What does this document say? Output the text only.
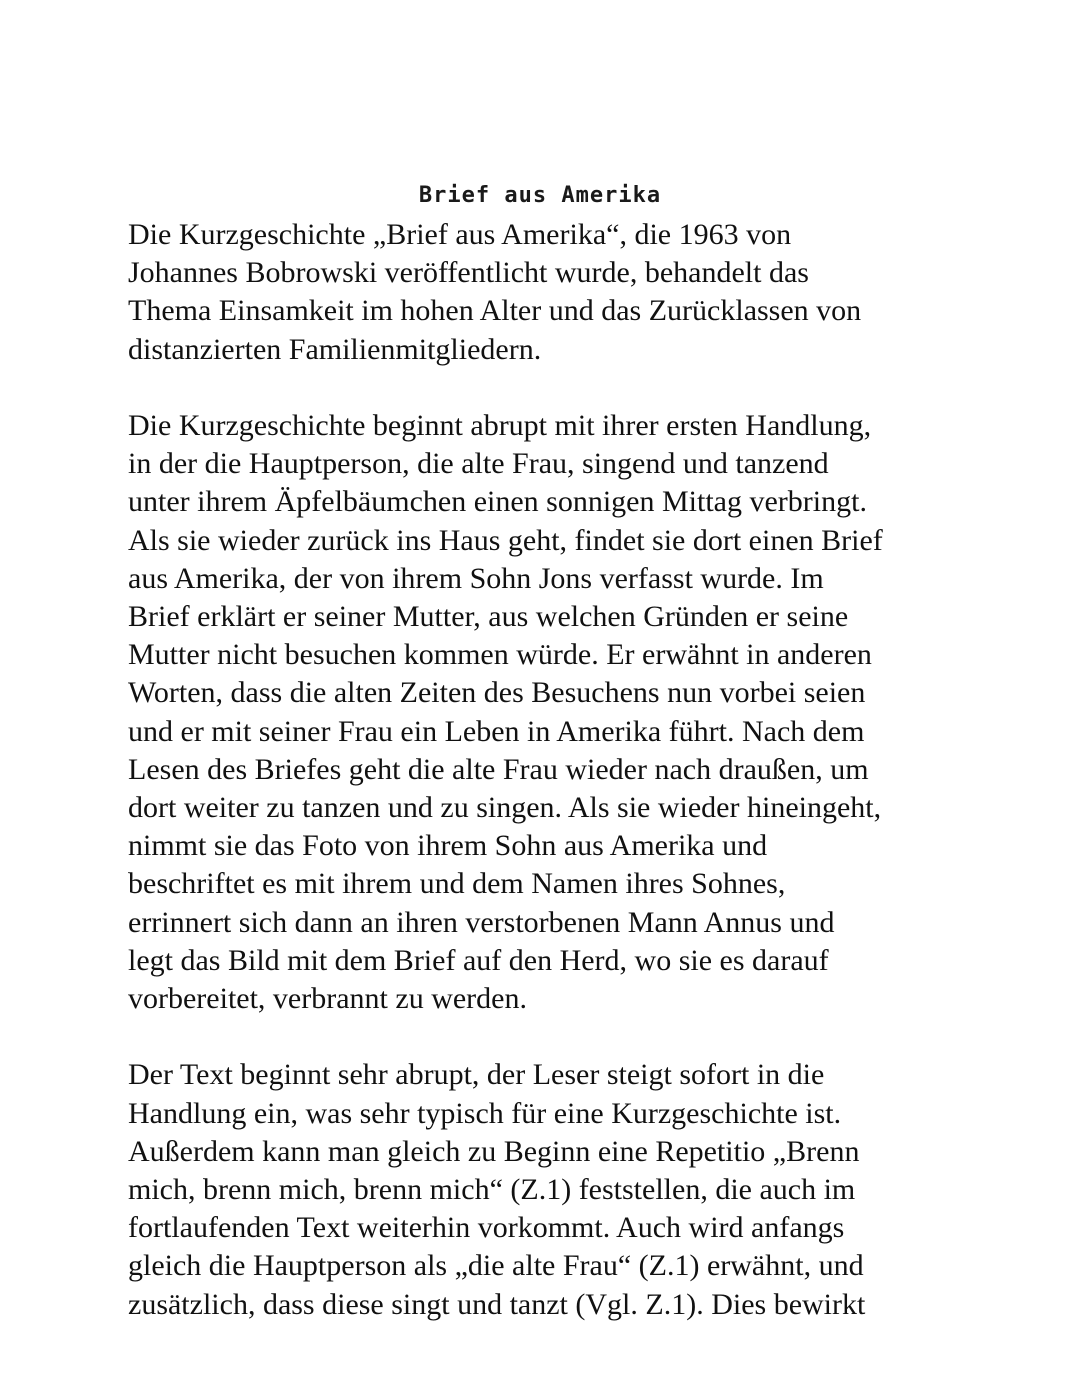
Brief aus Amerika

Die Kurzgeschichte „Brief aus Amerika“, die 1963 von
Johannes Bobrowski veröffentlicht wurde, behandelt das
Thema Einsamkeit im hohen Alter und das Zurücklassen von
distanzierten Familienmitgliedern.

Die Kurzgeschichte beginnt abrupt mit ihrer ersten Handlung,
in der die Hauptperson, die alte Frau, singend und tanzend
unter ihrem Äpfelbäumchen einen sonnigen Mittag verbringt.
Als sie wieder zurück ins Haus geht, findet sie dort einen Brief
aus Amerika, der von ihrem Sohn Jons verfasst wurde. Im
Brief erklärt er seiner Mutter, aus welchen Gründen er seine
Mutter nicht besuchen kommen würde. Er erwähnt in anderen
Worten, dass die alten Zeiten des Besuchens nun vorbei seien
und er mit seiner Frau ein Leben in Amerika führt. Nach dem
Lesen des Briefes geht die alte Frau wieder nach draußen, um
dort weiter zu tanzen und zu singen. Als sie wieder hineingeht,
nimmt sie das Foto von ihrem Sohn aus Amerika und
beschriftet es mit ihrem und dem Namen ihres Sohnes,
errinnert sich dann an ihren verstorbenen Mann Annus und
legt das Bild mit dem Brief auf den Herd, wo sie es darauf
vorbereitet, verbrannt zu werden.

Der Text beginnt sehr abrupt, der Leser steigt sofort in die
Handlung ein, was sehr typisch für eine Kurzgeschichte ist.
Außerdem kann man gleich zu Beginn eine Repetitio „Brenn
mich, brenn mich, brenn mich“ (Z.1) feststellen, die auch im
fortlaufenden Text weiterhin vorkommt. Auch wird anfangs
gleich die Hauptperson als „die alte Frau“ (Z.1) erwähnt, und
zusätzlich, dass diese singt und tanzt (Vgl. Z.1). Dies bewirkt
